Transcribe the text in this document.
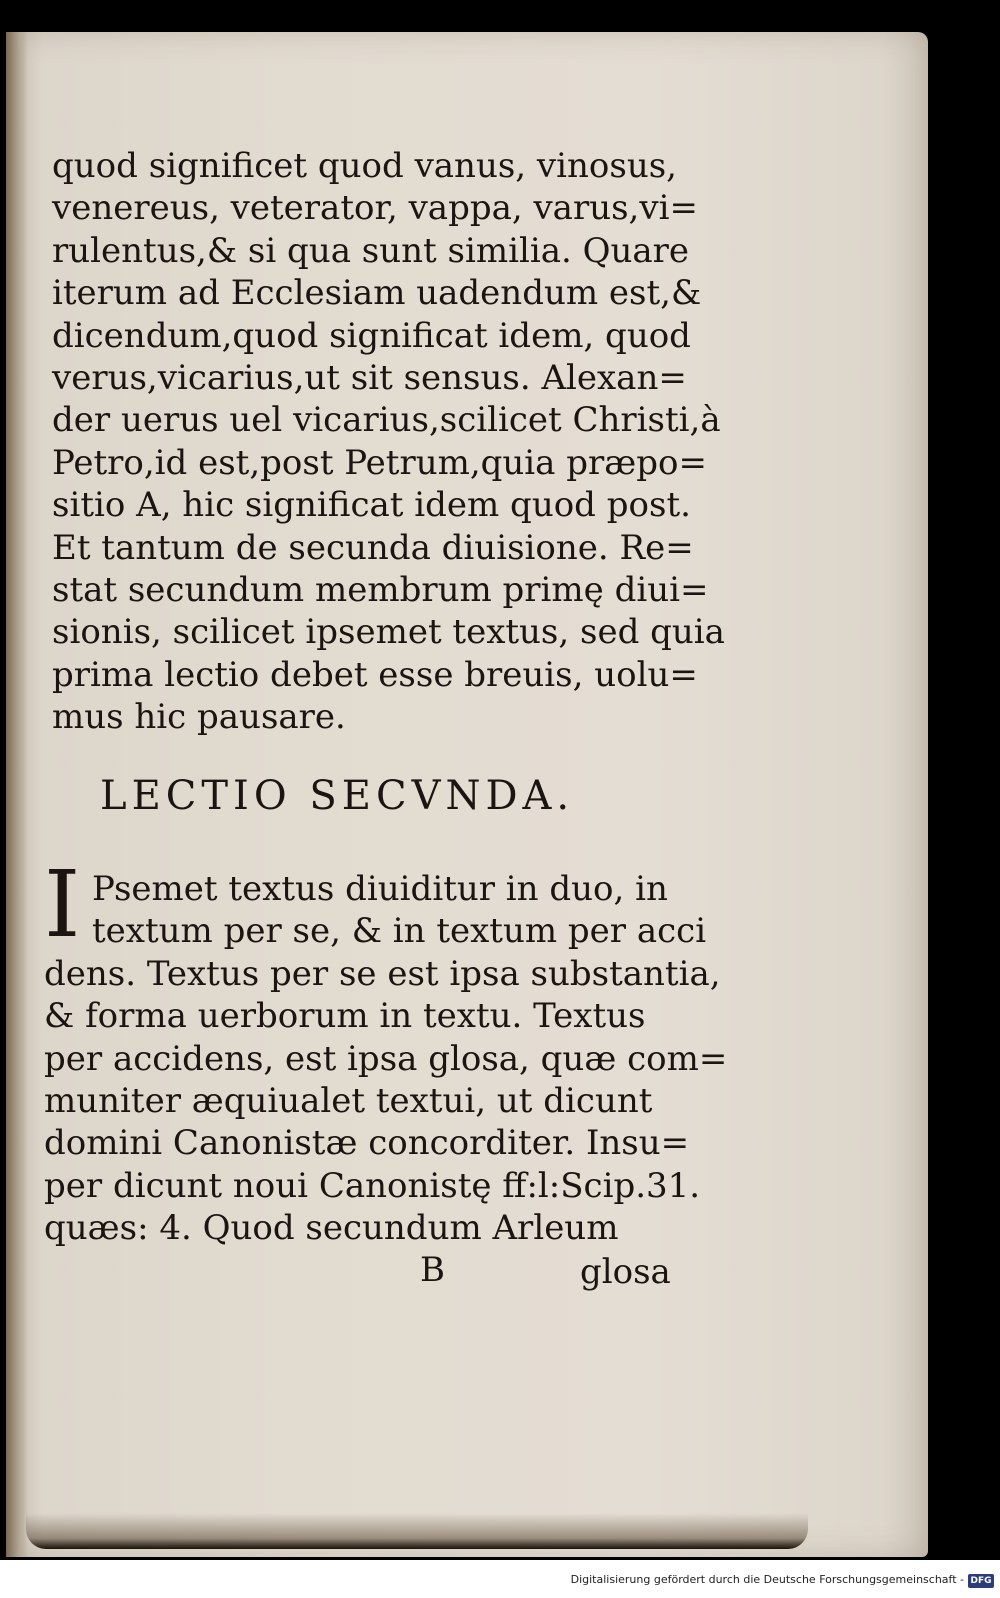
quod significet quod vanus, vinosus,
venereus, veterator, vappa, varus,vi=
rulentus,& si qua sunt similia. Quare
iterum ad Ecclesiam uadendum est,&
dicendum,quod significat idem, quod
verus,vicarius,ut sit sensus. Alexan=
der uerus uel vicarius,scilicet Christi,à
Petro,id est,post Petrum,quia præpo=
sitio A, hic significat idem quod post.
Et tantum de secunda diuisione. Re=
stat secundum membrum primę diui=
sionis, scilicet ipsemet textus, sed quia
prima lectio debet esse breuis, uolu=
mus hic pausare.
LECTIO SECVNDA.
I Psemet textus diuiditur in duo, in
textum per se, & in textum per acci
dens. Textus per se est ipsa substantia,
& forma uerborum in textu. Textus
per accidens, est ipsa glosa, quæ com=
muniter æquiualet textui, ut dicunt
domini Canonistæ concorditer. Insu=
per dicunt noui Canonistę ff:l:Scip.31.
quæs: 4. Quod secundum Arleum
B	glosa
Digitalisierung gefördert durch die Deutsche Forschungsgemeinschaft - DFG
